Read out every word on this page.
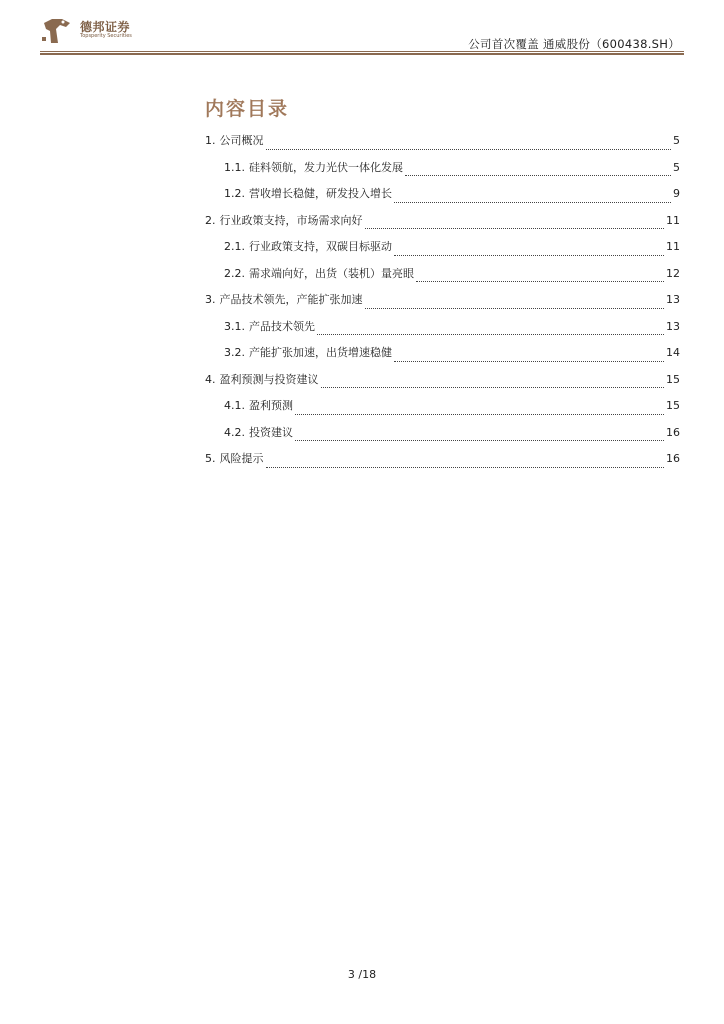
德邦证券
Topsperity Securities
公司首次覆盖 通威股份（600438.SH）
内容目录
1. 公司概况	5
1.1. 硅料领航，发力光伏一体化发展	5
1.2. 营收增长稳健，研发投入增长	9
2. 行业政策支持，市场需求向好	11
2.1. 行业政策支持，双碳目标驱动	11
2.2. 需求端向好，出货（装机）量亮眼	12
3. 产品技术领先，产能扩张加速	13
3.1. 产品技术领先	13
3.2. 产能扩张加速，出货增速稳健	14
4. 盈利预测与投资建议	15
4.1. 盈利预测	15
4.2. 投资建议	16
5. 风险提示	16
3 /18
